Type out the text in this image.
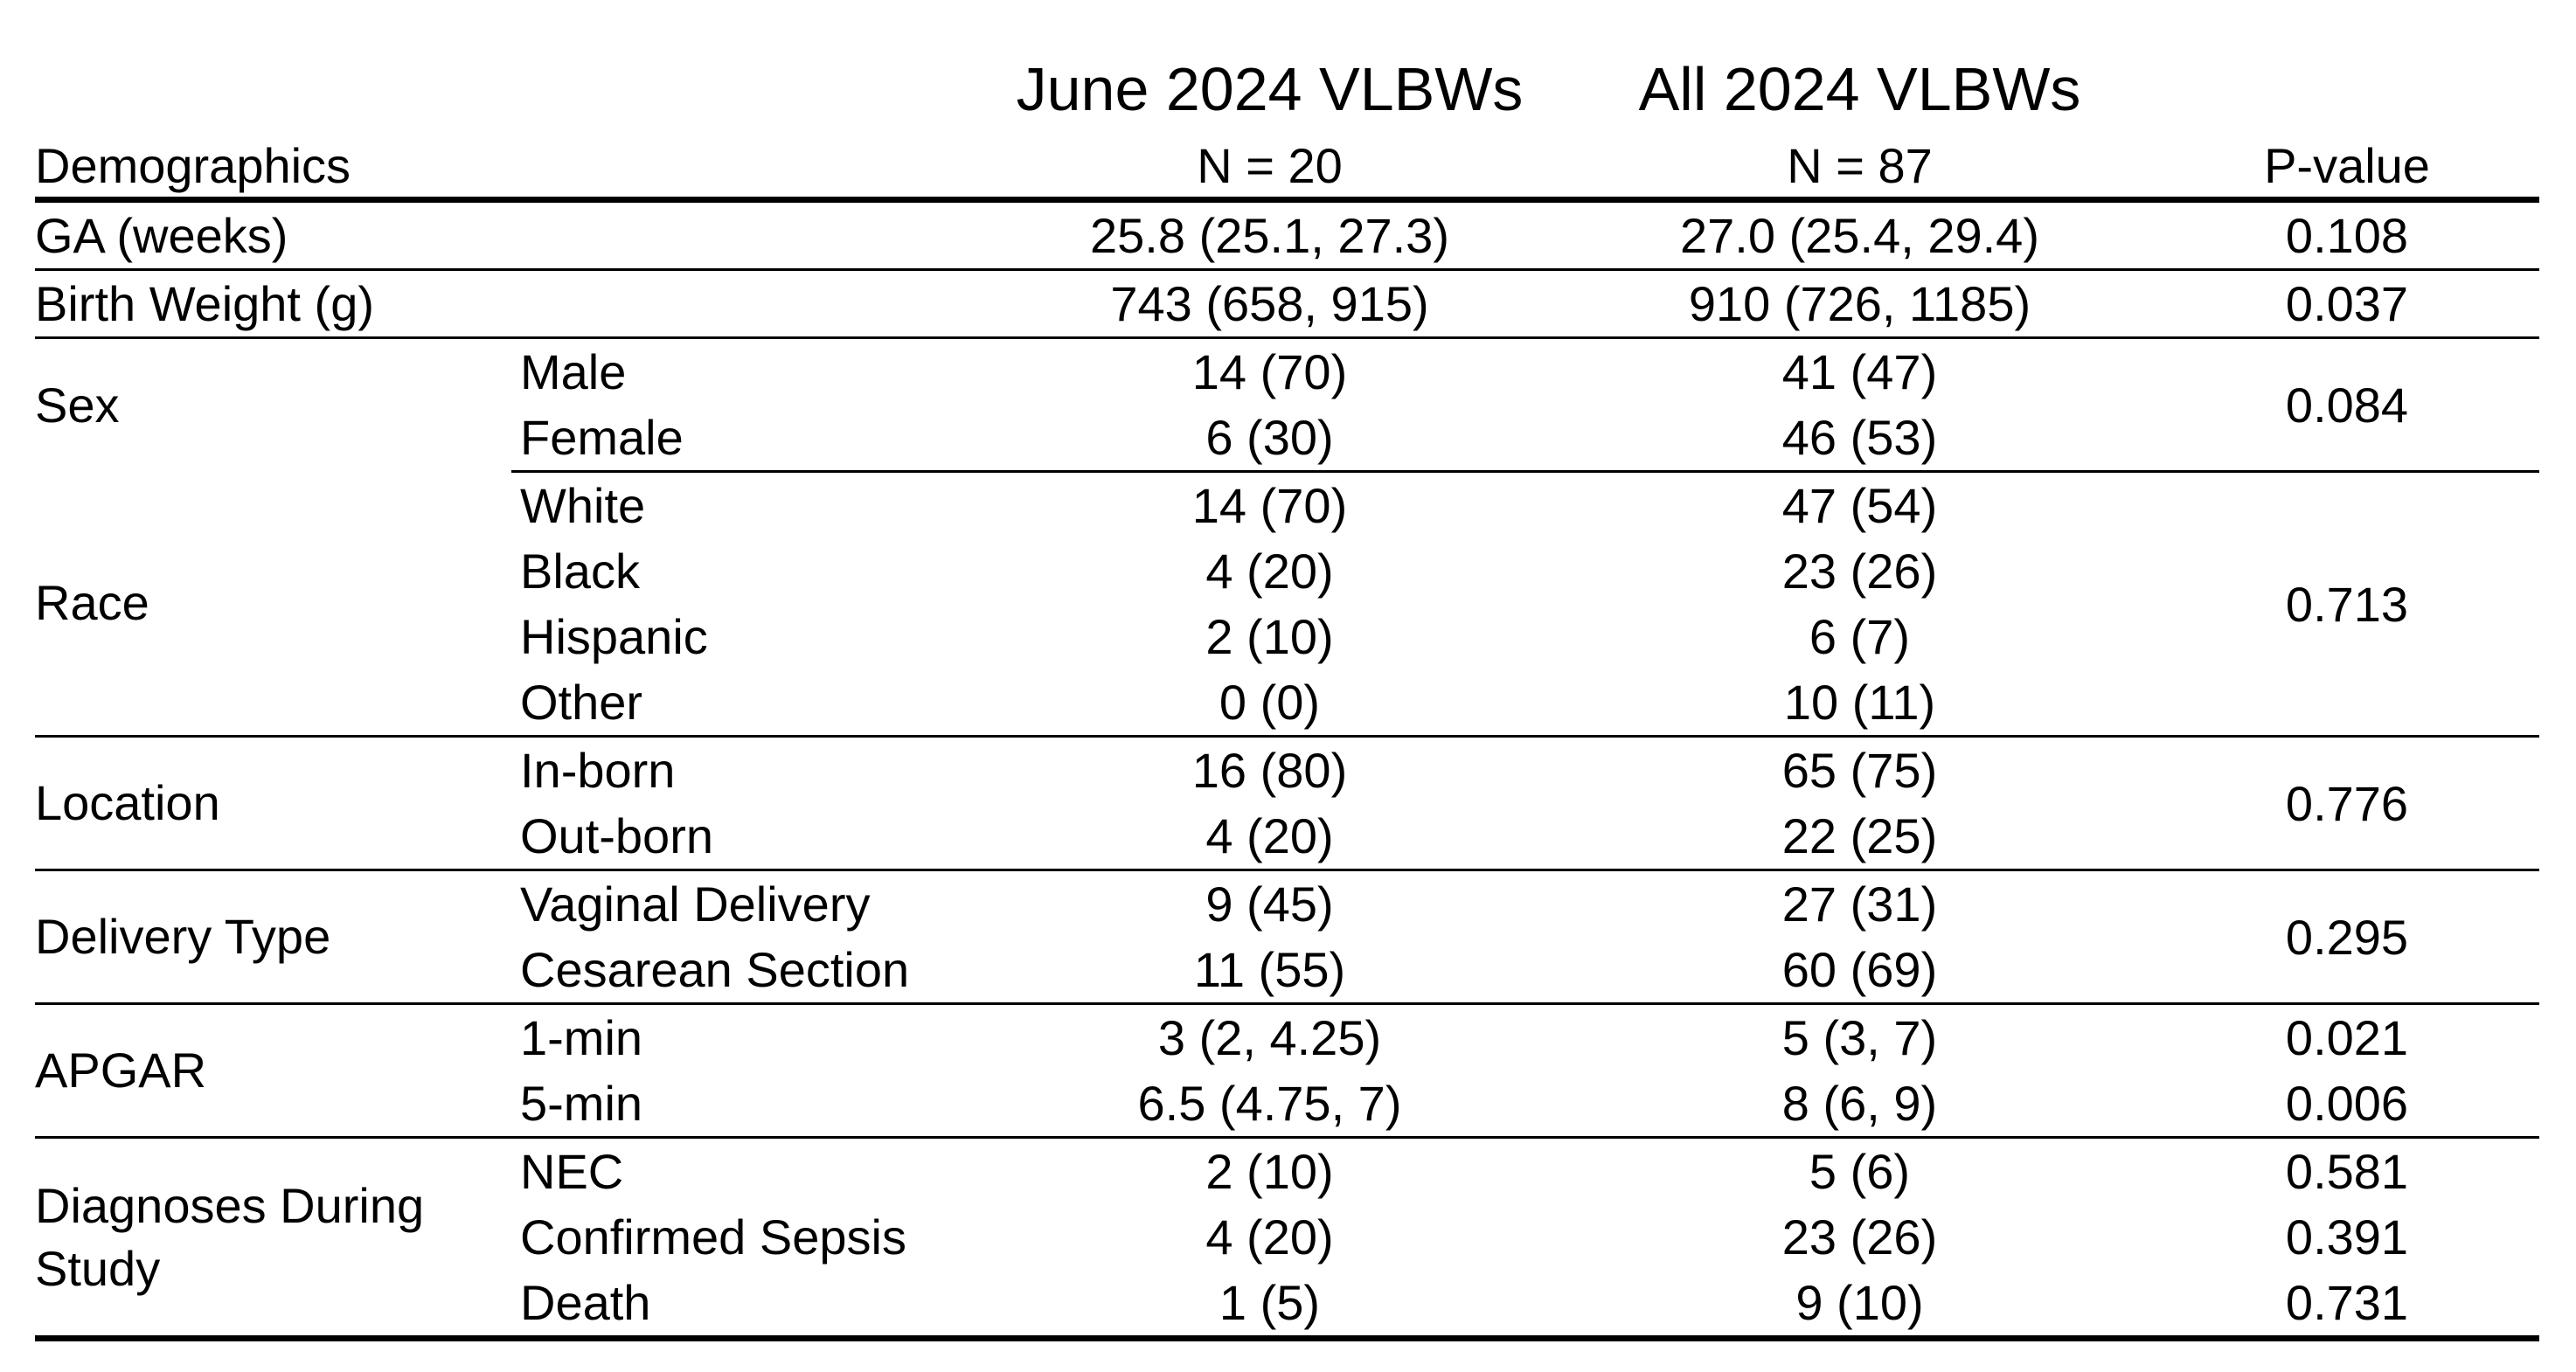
		June 2024 VLBWs	All 2024 VLBWs	
Demographics		N = 20	N = 87	P-value
GA (weeks)		25.8 (25.1, 27.3)	27.0 (25.4, 29.4)	0.108
Birth Weight (g)		743 (658, 915)	910 (726, 1185)	0.037
Sex	Male	14 (70)	41 (47)	0.084
	Female	6 (30)	46 (53)	
Race	White	14 (70)	47 (54)	0.713
	Black	4 (20)	23 (26)	
	Hispanic	2 (10)	6 (7)	
	Other	0 (0)	10 (11)	
Location	In-born	16 (80)	65 (75)	0.776
	Out-born	4 (20)	22 (25)	
Delivery Type	Vaginal Delivery	9 (45)	27 (31)	0.295
	Cesarean Section	11 (55)	60 (69)	
APGAR	1-min	3 (2, 4.25)	5 (3, 7)	0.021
	5-min	6.5 (4.75, 7)	8 (6, 9)	0.006
Diagnoses During Study	NEC	2 (10)	5 (6)	0.581
	Confirmed Sepsis	4 (20)	23 (26)	0.391
	Death	1 (5)	9 (10)	0.731
